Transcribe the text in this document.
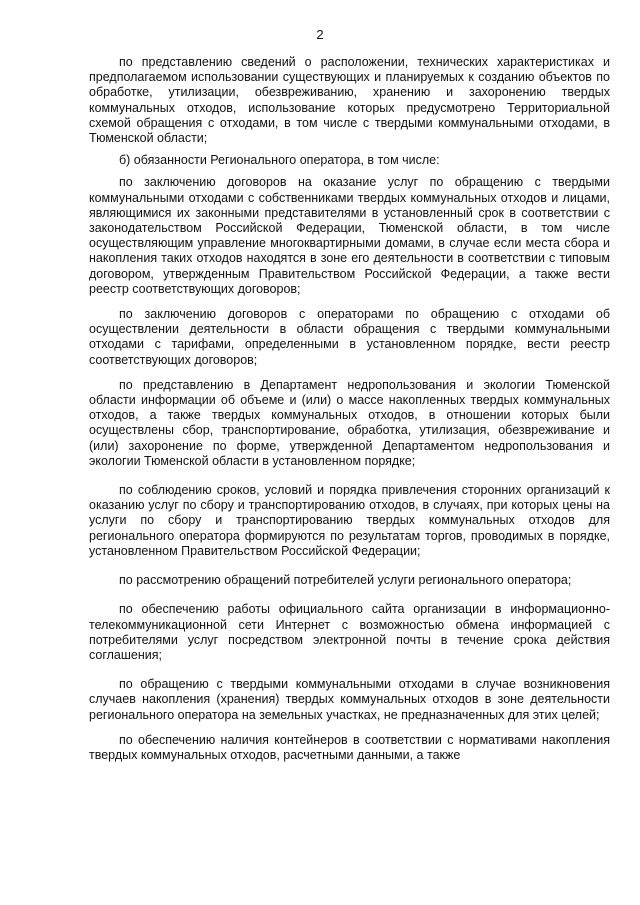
2

по представлению сведений о расположении, технических характеристиках и предполагаемом использовании существующих и планируемых к созданию объектов по обработке, утилизации, обезвреживанию, хранению и захоронению твердых коммунальных отходов, использование которых предусмотрено Территориальной схемой обращения с отходами, в том числе с твердыми коммунальными отходами, в Тюменской области;

б) обязанности Регионального оператора, в том числе:

по заключению договоров на оказание услуг по обращению с твердыми коммунальными отходами с собственниками твердых коммунальных отходов и лицами, являющимися их законными представителями в установленный срок в соответствии с законодательством Российской Федерации, Тюменской области, в том числе осуществляющим управление многоквартирными домами, в случае если места сбора и накопления таких отходов находятся в зоне его деятельности в соответствии с типовым договором, утвержденным Правительством Российской Федерации, а также вести реестр соответствующих договоров;

по заключению договоров с операторами по обращению с отходами об осуществлении деятельности в области обращения с твердыми коммунальными отходами с тарифами, определенными в установленном порядке, вести реестр соответствующих договоров;

по представлению в Департамент недропользования и экологии Тюменской области информации об объеме и (или) о массе накопленных твердых коммунальных отходов, а также твердых коммунальных отходов, в отношении которых были осуществлены сбор, транспортирование, обработка, утилизация, обезвреживание и (или) захоронение по форме, утвержденной Департаментом недропользования и экологии Тюменской области в установленном порядке;

по соблюдению сроков, условий и порядка привлечения сторонних организаций к оказанию услуг по сбору и транспортированию отходов, в случаях, при которых цены на услуги по сбору и транспортированию твердых коммунальных отходов для регионального оператора формируются по результатам торгов, проводимых в порядке, установленном Правительством Российской Федерации;

по рассмотрению обращений потребителей услуги регионального оператора;

по обеспечению работы официального сайта организации в информационно-телекоммуникационной сети Интернет с возможностью обмена информацией с потребителями услуг посредством электронной почты в течение срока действия соглашения;

по обращению с твердыми коммунальными отходами в случае возникновения случаев накопления (хранения) твердых коммунальных отходов в зоне деятельности регионального оператора на земельных участках, не предназначенных для этих целей;

по обеспечению наличия контейнеров в соответствии с нормативами накопления твердых коммунальных отходов, расчетными данными, а также
